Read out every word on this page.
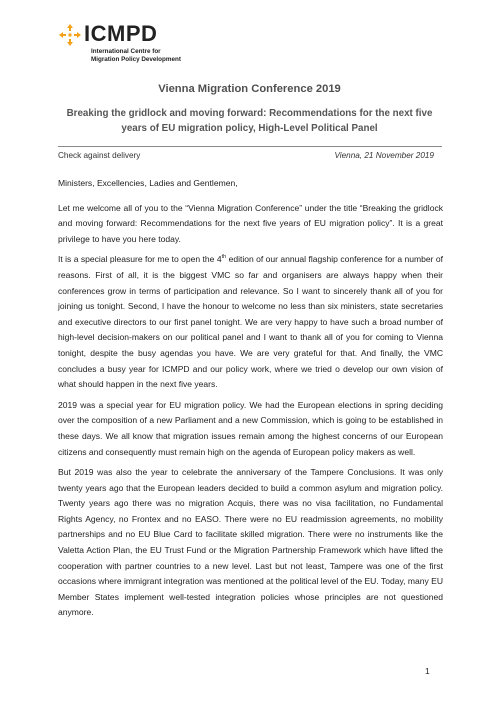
ICMPD
International Centre for
Migration Policy Development
Vienna Migration Conference 2019
Breaking the gridlock and moving forward: Recommendations for the next five years of EU migration policy, High-Level Political Panel
Check against delivery	Vienna, 21 November 2019

Ministers, Excellencies, Ladies and Gentlemen,

Let me welcome all of you to the “Vienna Migration Conference” under the title “Breaking the gridlock and moving forward: Recommendations for the next five years of EU migration policy”. It is a great privilege to have you here today.

It is a special pleasure for me to open the 4th edition of our annual flagship conference for a number of reasons. First of all, it is the biggest VMC so far and organisers are always happy when their conferences grow in terms of participation and relevance. So I want to sincerely thank all of you for joining us tonight. Second, I have the honour to welcome no less than six ministers, state secretaries and executive directors to our first panel tonight. We are very happy to have such a broad number of high-level decision-makers on our political panel and I want to thank all of you for coming to Vienna tonight, despite the busy agendas you have. We are very grateful for that. And finally, the VMC concludes a busy year for ICMPD and our policy work, where we tried o develop our own vision of what should happen in the next five years.

2019 was a special year for EU migration policy. We had the European elections in spring deciding over the composition of a new Parliament and a new Commission, which is going to be established in these days. We all know that migration issues remain among the highest concerns of our European citizens and consequently must remain high on the agenda of European policy makers as well.

But 2019 was also the year to celebrate the anniversary of the Tampere Conclusions. It was only twenty years ago that the European leaders decided to build a common asylum and migration policy. Twenty years ago there was no migration Acquis, there was no visa facilitation, no Fundamental Rights Agency, no Frontex and no EASO. There were no EU readmission agreements, no mobility partnerships and no EU Blue Card to facilitate skilled migration. There were no instruments like the Valetta Action Plan, the EU Trust Fund or the Migration Partnership Framework which have lifted the cooperation with partner countries to a new level. Last but not least, Tampere was one of the first occasions where immigrant integration was mentioned at the political level of the EU. Today, many EU Member States implement well-tested integration policies whose principles are not questioned anymore.

1
